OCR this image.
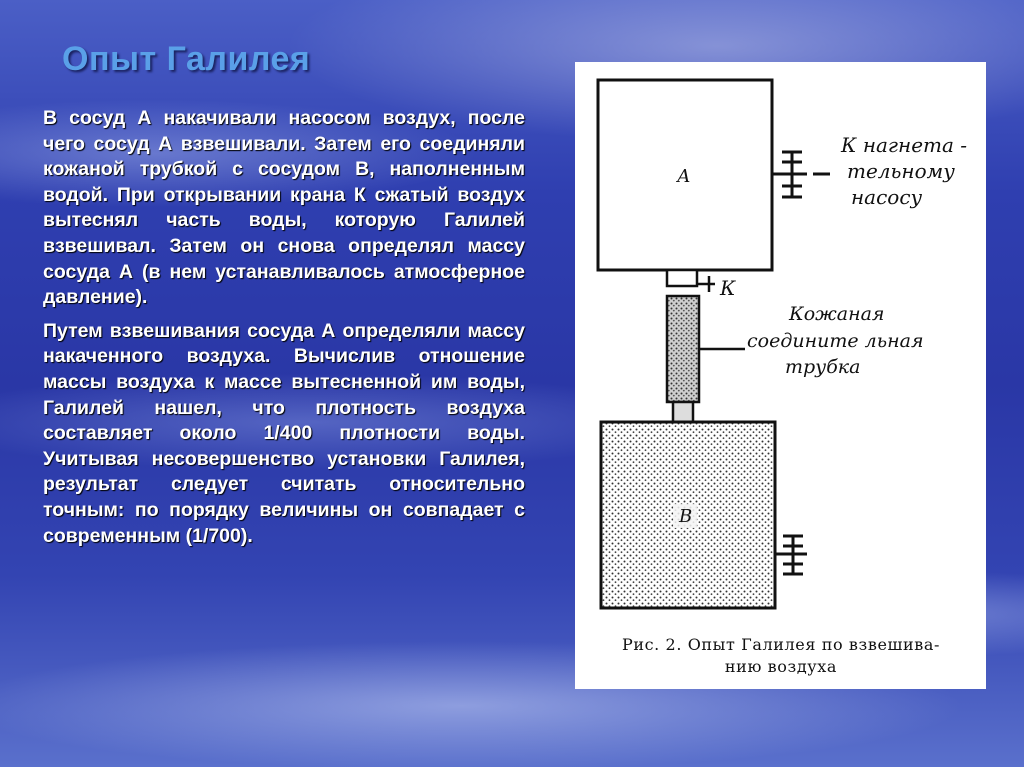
Опыт Галилея

В сосуд А накачивали насосом воздух, после чего сосуд А взвешивали. Затем его соединяли кожаной трубкой с сосудом В, наполненным водой. При открывании крана К сжатый воздух вытеснял часть воды, которую Галилей взвешивал. Затем он снова определял массу сосуда А (в нем устанавливалось атмосферное давление).

Путем взвешивания сосуда А определяли массу накаченного воздуха. Вычислив отношение массы воздуха к массе вытесненной им воды, Галилей нашел, что плотность воздуха составляет около 1/400 плотности воды. Учитывая несовершенство установки Галилея, результат следует считать относительно точным: по порядку величины он совпадает с современным (1/700).

А
К нагнета - тельному насосу
К
Кожаная соедините льная трубка
В
Рис. 2. Опыт Галилея по взвешива-
нию воздуха
